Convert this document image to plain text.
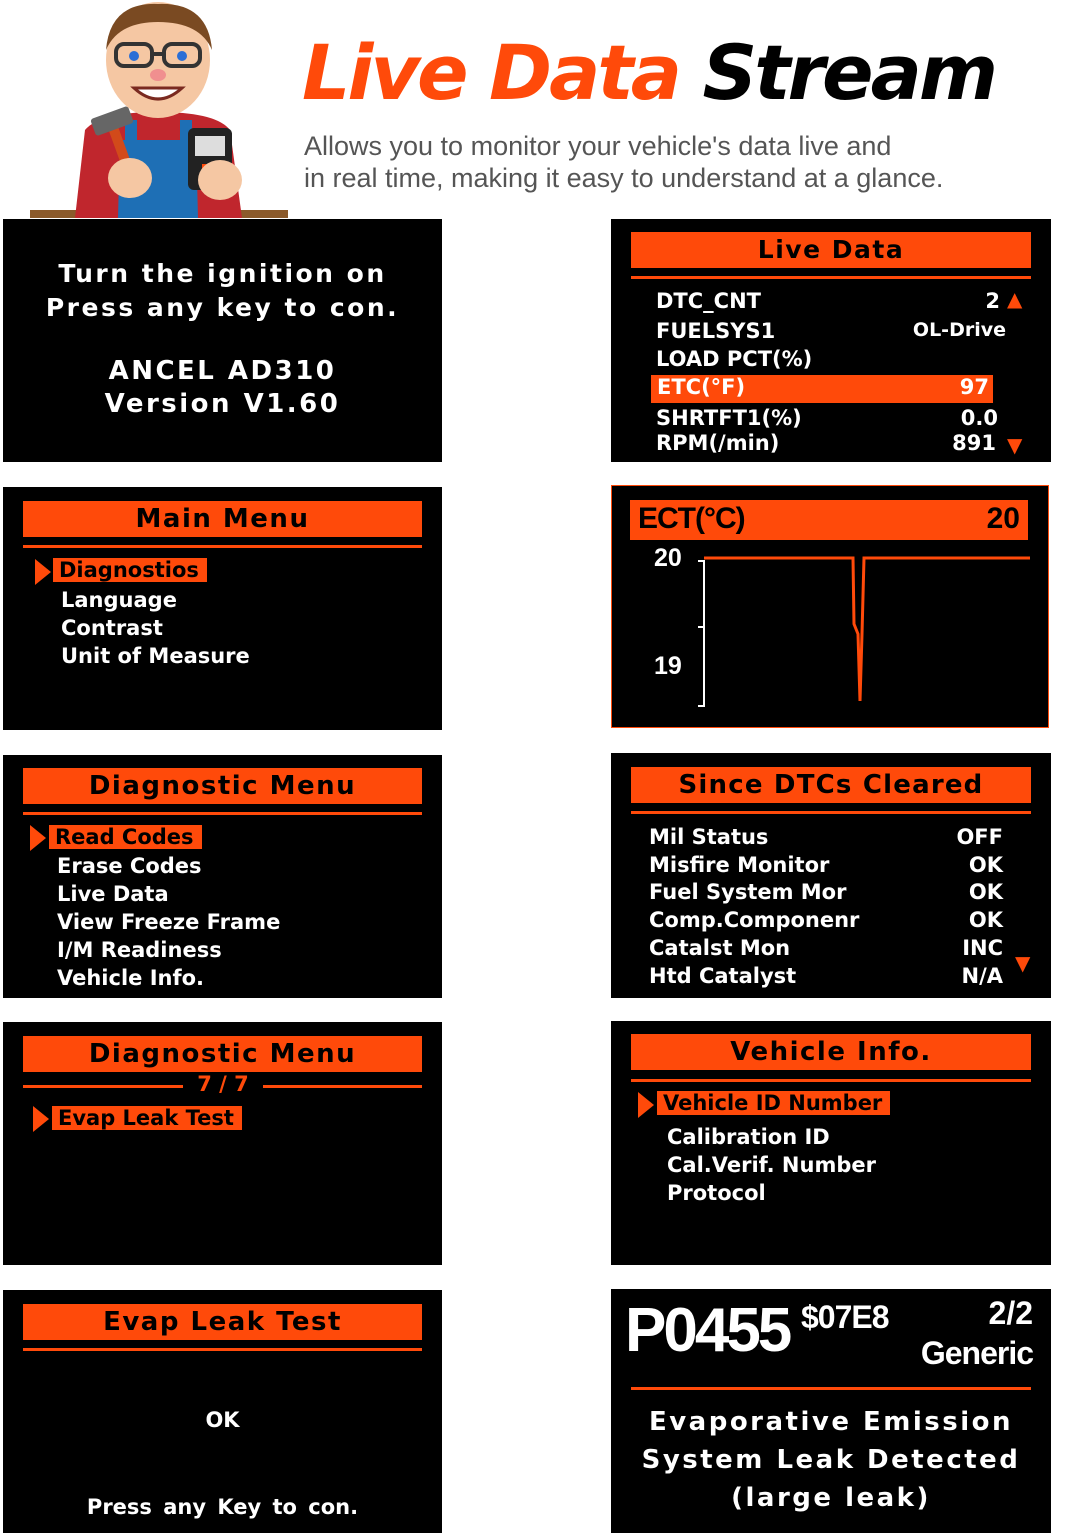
Live Data Stream
Allows you to monitor your vehicle's data live and
in real time, making it easy to understand at a glance.
Turn the ignition on
Press any key to con.
ANCEL AD310
Version V1.60
Live Data
DTC_CNT	2
FUELSYS1	OL-Drive
LOAD PCT(%)
ETC(°F)	97
SHRTFT1(%)	0.0
RPM(/min)	891
▲
▼
Main Menu
Diagnostios
Language
Contrast
Unit of Measure
ECT(°C)	20
20
19
Diagnostic Menu
Read Codes
Erase Codes
Live Data
View Freeze Frame
I/M Readiness
Vehicle Info.
Since DTCs Cleared
Mil Status	OFF
Misfire Monitor	OK
Fuel System Mor	OK
Comp.Componenr	OK
Catalst Mon	INC
Htd Catalyst	N/A
▼
Diagnostic Menu
7 / 7
Evap Leak Test
Vehicle Info.
Vehicle ID Number
Calibration ID
Cal.Verif. Number
Protocol
Evap Leak Test
OK
Press any Key to con.
P0455 $07E8	2/2
Generic
Evaporative Emission
System Leak Detected
(large leak)
